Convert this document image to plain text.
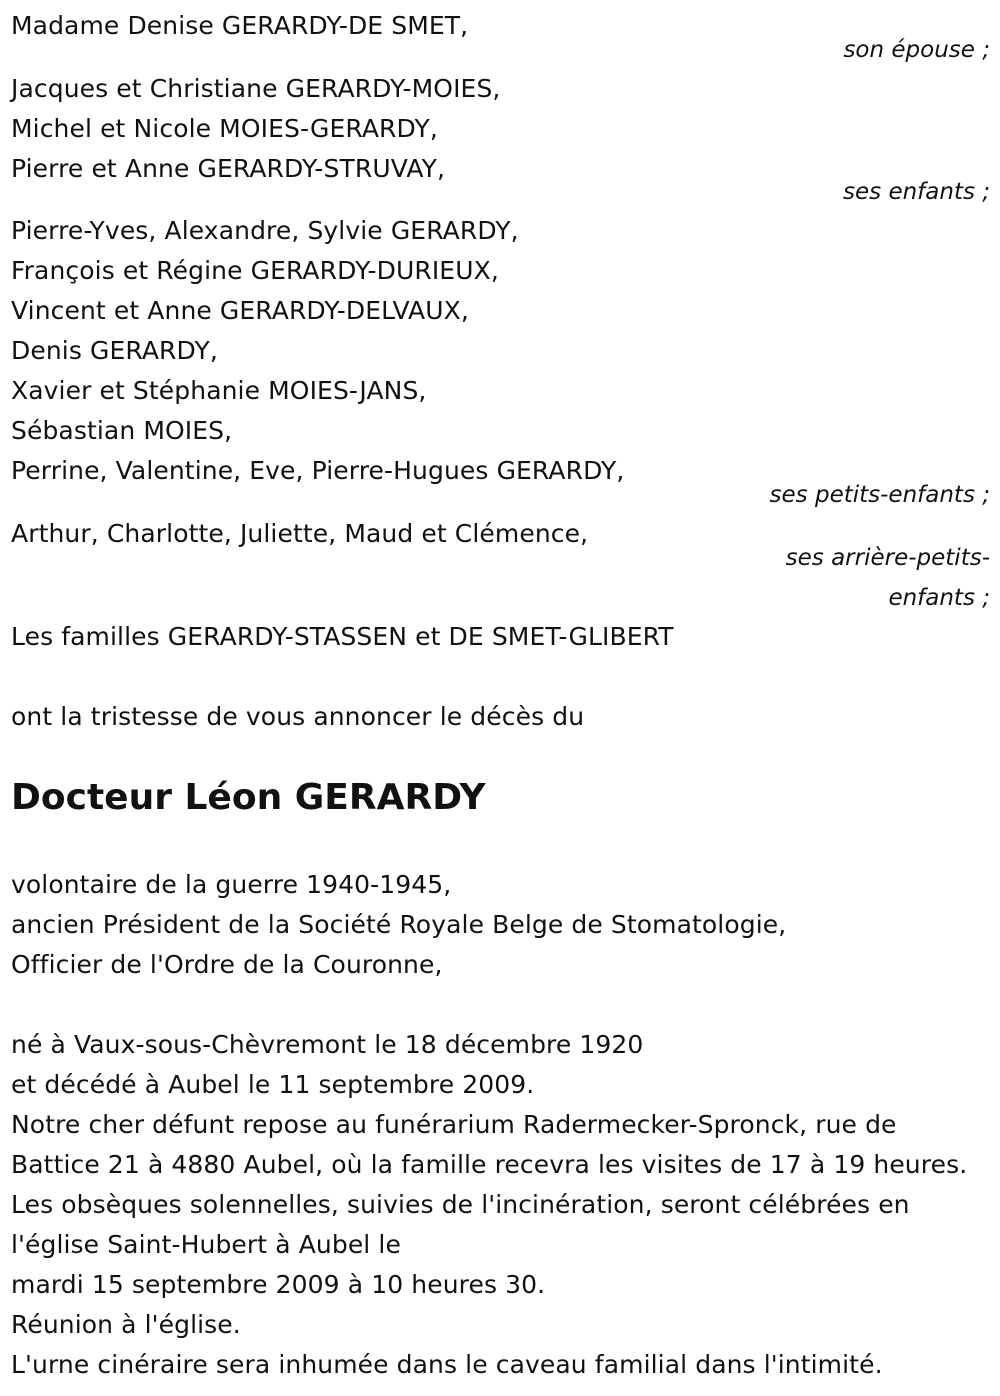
Madame Denise GERARDY-DE SMET,
son épouse ;
Jacques et Christiane GERARDY-MOIES,
Michel et Nicole MOIES-GERARDY,
Pierre et Anne GERARDY-STRUVAY,
ses enfants ;
Pierre-Yves, Alexandre, Sylvie GERARDY,
François et Régine GERARDY-DURIEUX,
Vincent et Anne GERARDY-DELVAUX,
Denis GERARDY,
Xavier et Stéphanie MOIES-JANS,
Sébastian MOIES,
Perrine, Valentine, Eve, Pierre-Hugues GERARDY,
ses petits-enfants ;
Arthur, Charlotte, Juliette, Maud et Clémence,
ses arrière-petits-
enfants ;
Les familles GERARDY-STASSEN et DE SMET-GLIBERT
ont la tristesse de vous annoncer le décès du
Docteur Léon GERARDY
volontaire de la guerre 1940-1945,
ancien Président de la Société Royale Belge de Stomatologie,
Officier de l'Ordre de la Couronne,
né à Vaux-sous-Chèvremont le 18 décembre 1920
et décédé à Aubel le 11 septembre 2009.
Notre cher défunt repose au funérarium Radermecker-Spronck, rue de
Battice 21 à 4880 Aubel, où la famille recevra les visites de 17 à 19 heures.
Les obsèques solennelles, suivies de l'incinération, seront célébrées en
l'église Saint-Hubert à Aubel le
mardi 15 septembre 2009 à 10 heures 30.
Réunion à l'église.
L'urne cinéraire sera inhumée dans le caveau familial dans l'intimité.
